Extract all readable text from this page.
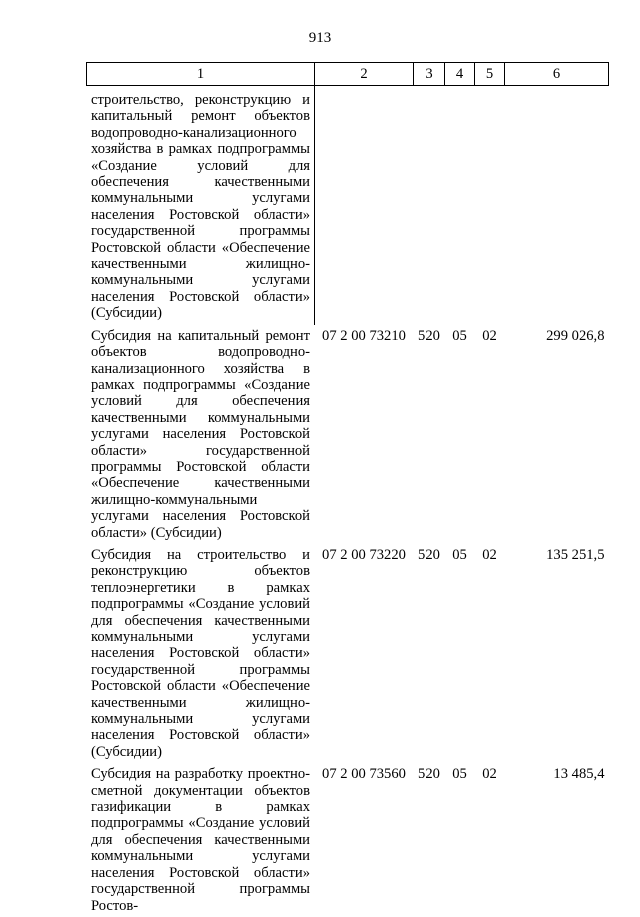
913
1	2	3	4	5	6
строительство, реконструкцию и капитальный ремонт объектов водопроводно-канализационного хозяйства в рамках подпрограммы «Создание условий для обеспечения качественными коммунальными услугами населения Ростовской области» государственной программы Ростовской области «Обеспечение качественными жилищно-коммунальными услугами населения Ростовской области» (Субсидии)					
Субсидия на капитальный ремонт объектов водопроводно-канализационного хозяйства в рамках подпрограммы «Создание условий для обеспечения качественными коммунальными услугами населения Ростовской области» государственной программы Ростовской области «Обеспечение качественными жилищно-коммунальными услугами населения Ростовской области» (Субсидии)	07 2 00 73210	520	05	02	299 026,8
Субсидия на строительство и реконструкцию объектов теплоэнергетики в рамках подпрограммы «Создание условий для обеспечения качественными коммунальными услугами населения Ростовской области» государственной программы Ростовской области «Обеспечение качественными жилищно-коммунальными услугами населения Ростовской области» (Субсидии)	07 2 00 73220	520	05	02	135 251,5
Субсидия на разработку проектно-сметной документации объектов газификации в рамках подпрограммы «Создание условий для обеспечения качественными коммунальными услугами населения Ростовской области» государственной программы Ростов-	07 2 00 73560	520	05	02	13 485,4
